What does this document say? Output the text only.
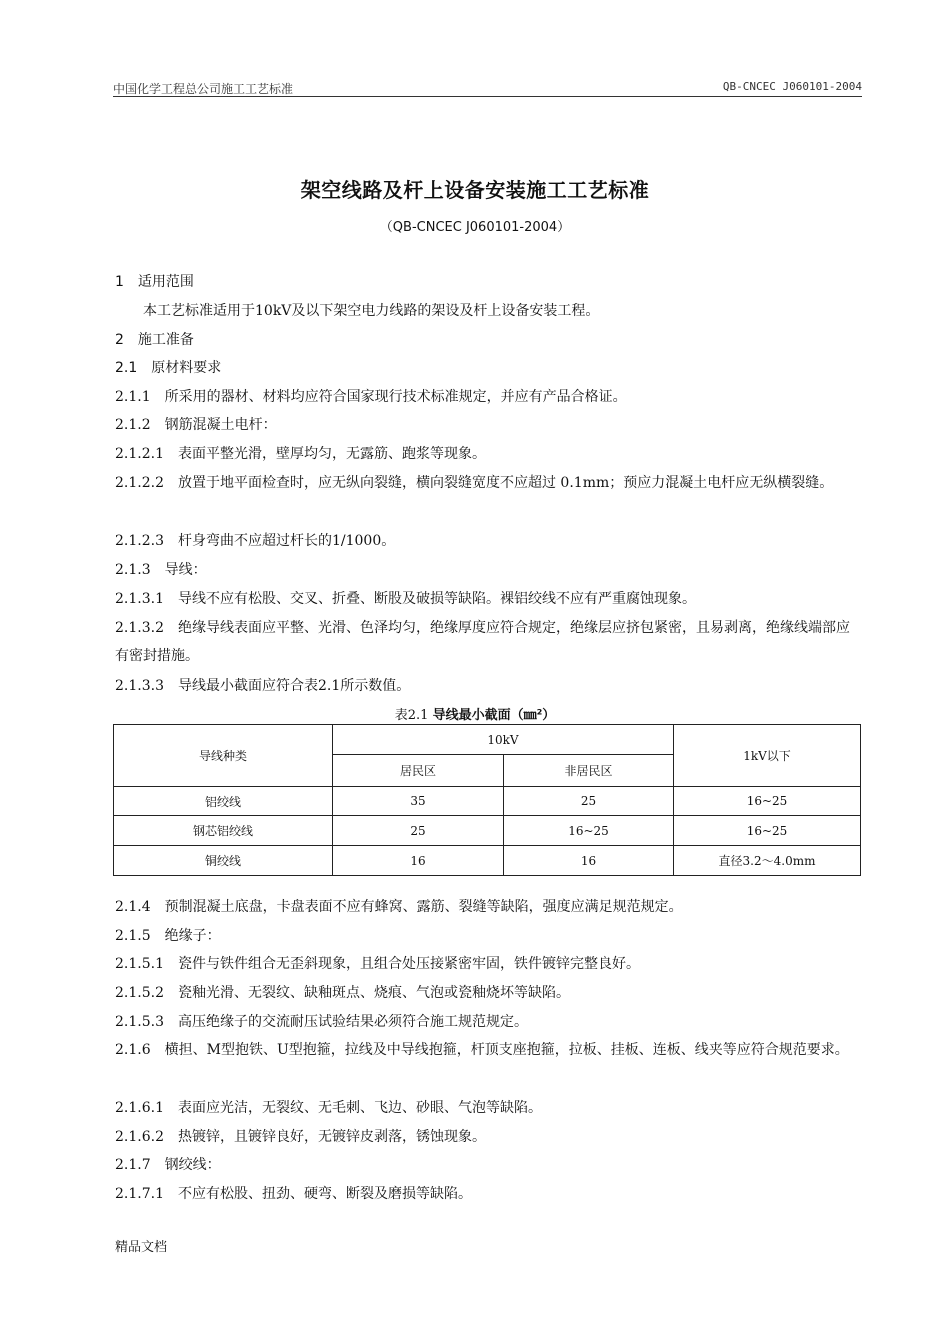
中国化学工程总公司施工工艺标准	QB-CNCEC J060101-2004
架空线路及杆上设备安装施工工艺标准
（QB-CNCEC J060101-2004）
1　适用范围
　　本工艺标准适用于10kV及以下架空电力线路的架设及杆上设备安装工程。
2　施工准备
2.1　原材料要求
2.1.1　所采用的器材、材料均应符合国家现行技术标准规定，并应有产品合格证。
2.1.2　钢筋混凝土电杆：
2.1.2.1　表面平整光滑，壁厚均匀，无露筋、跑浆等现象。
2.1.2.2　放置于地平面检查时，应无纵向裂缝，横向裂缝宽度不应超过 0.1mm；预应力混凝土电杆应无纵横裂缝。
2.1.2.3　杆身弯曲不应超过杆长的1/1000。
2.1.3　导线：
2.1.3.1　导线不应有松股、交叉、折叠、断股及破损等缺陷。裸铝绞线不应有严重腐蚀现象。
2.1.3.2　绝缘导线表面应平整、光滑、色泽均匀，绝缘厚度应符合规定，绝缘层应挤包紧密，且易剥离，绝缘线端部应有密封措施。
2.1.3.3　导线最小截面应符合表2.1所示数值。
表2.1 导线最小截面（㎜²）
导线种类	10kV		1kV以下
	居民区	非居民区	
铝绞线	35	25	16~25
钢芯铝绞线	25	16~25	16~25
铜绞线	16	16	直径3.2～4.0mm
2.1.4　预制混凝土底盘，卡盘表面不应有蜂窝、露筋、裂缝等缺陷，强度应满足规范规定。
2.1.5　绝缘子：
2.1.5.1　瓷件与铁件组合无歪斜现象，且组合处压接紧密牢固，铁件镀锌完整良好。
2.1.5.2　瓷釉光滑、无裂纹、缺釉斑点、烧痕、气泡或瓷釉烧坏等缺陷。
2.1.5.3　高压绝缘子的交流耐压试验结果必须符合施工规范规定。
2.1.6　横担、M型抱铁、U型抱箍，拉线及中导线抱箍，杆顶支座抱箍，拉板、挂板、连板、线夹等应符合规范要求。
2.1.6.1　表面应光洁，无裂纹、无毛刺、飞边、砂眼、气泡等缺陷。
2.1.6.2　热镀锌，且镀锌良好，无镀锌皮剥落，锈蚀现象。
2.1.7　钢绞线：
2.1.7.1　不应有松股、扭劲、硬弯、断裂及磨损等缺陷。
精品文档
